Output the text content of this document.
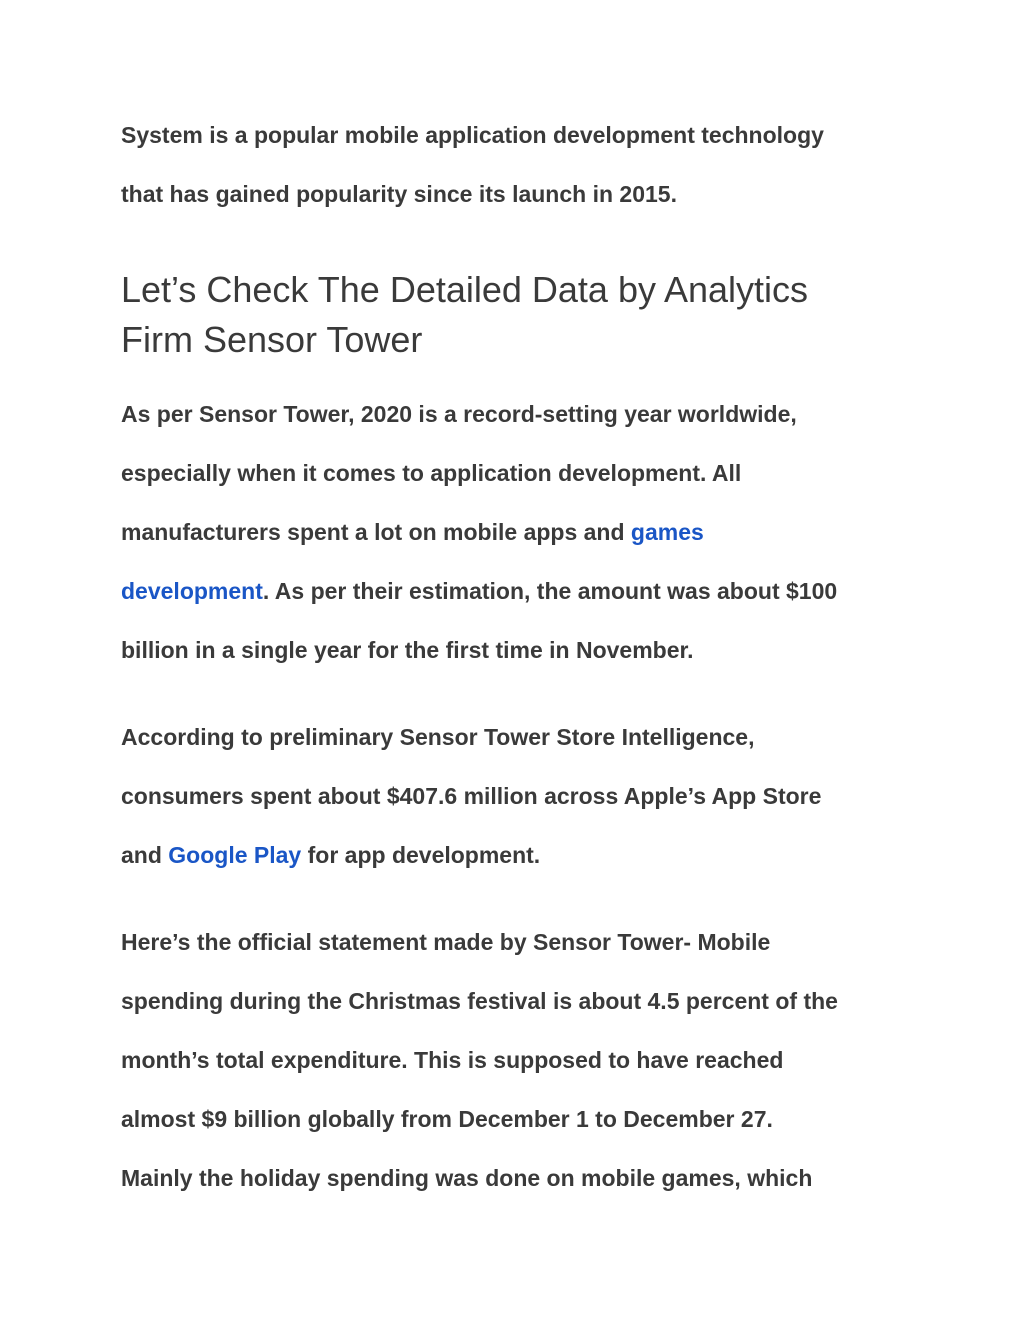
System is a popular mobile application development technology
that has gained popularity since its launch in 2015.

Let’s Check The Detailed Data by Analytics
Firm Sensor Tower

As per Sensor Tower, 2020 is a record-setting year worldwide,
especially when it comes to application development. All
manufacturers spent a lot on mobile apps and games
development. As per their estimation, the amount was about $100
billion in a single year for the first time in November.

According to preliminary Sensor Tower Store Intelligence,
consumers spent about $407.6 million across Apple’s App Store
and Google Play for app development.

Here’s the official statement made by Sensor Tower- Mobile
spending during the Christmas festival is about 4.5 percent of the
month’s total expenditure. This is supposed to have reached
almost $9 billion globally from December 1 to December 27.
Mainly the holiday spending was done on mobile games, which
